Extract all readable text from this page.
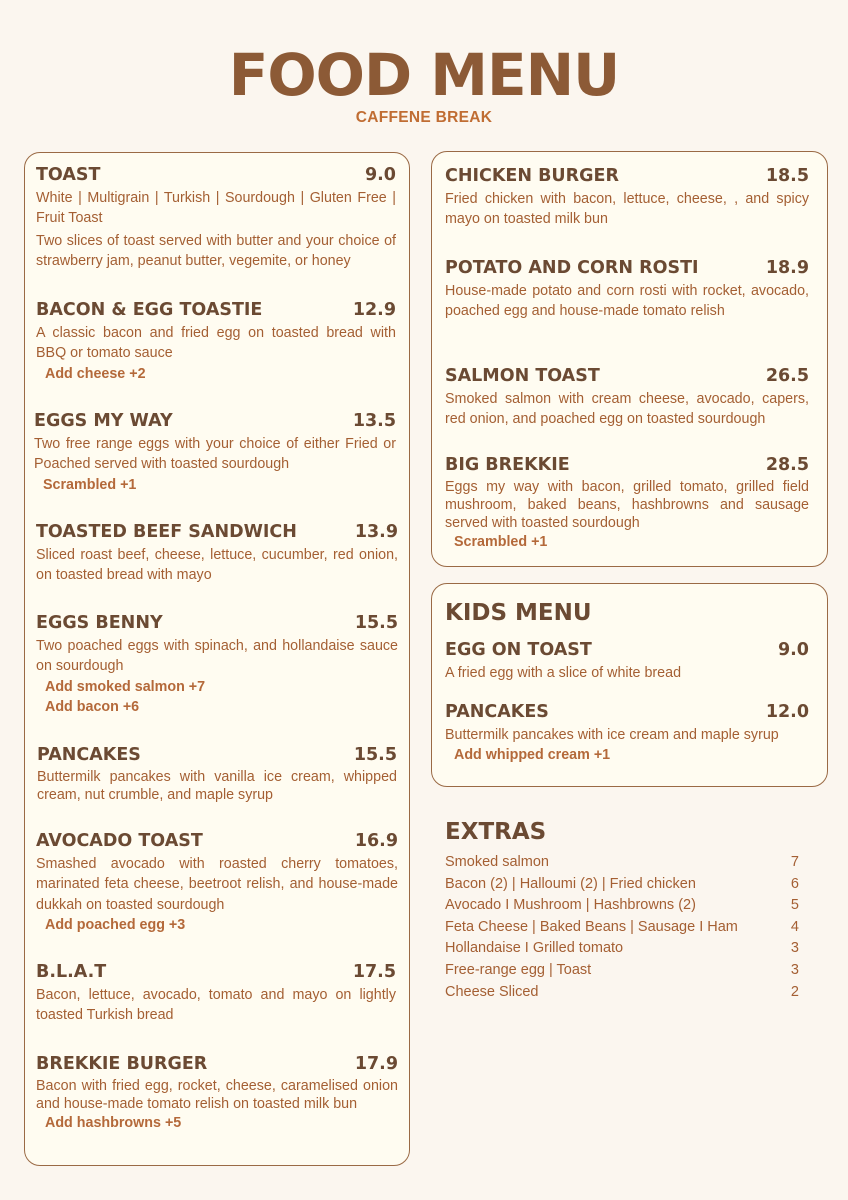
FOOD MENU
CAFFENE BREAK
KIDS MENU
EXTRAS
Smoked salmon	7
Bacon (2) | Halloumi (2) | Fried chicken	6
Avocado I Mushroom | Hashbrowns (2)	5
Feta Cheese | Baked Beans | Sausage I Ham	4
Hollandaise I Grilled tomato	3
Free-range egg | Toast	3
Cheese Sliced	2
TOAST	9.0
White | Multigrain | Turkish | Sourdough | Gluten Free | Fruit Toast
Two slices of toast served with butter and your choice of strawberry jam, peanut butter, vegemite, or honey
BACON & EGG TOASTIE	12.9
A classic bacon and fried egg on toasted bread with BBQ or tomato sauce
Add cheese +2
EGGS MY WAY	13.5
Two free range eggs with your choice of either Fried or Poached served with toasted sourdough
Scrambled +1
TOASTED BEEF SANDWICH	13.9
Sliced roast beef, cheese, lettuce, cucumber, red onion, on toasted bread with mayo
EGGS BENNY	15.5
Two poached eggs with spinach, and hollandaise sauce on sourdough
Add smoked salmon +7
Add bacon +6
PANCAKES	15.5
Buttermilk pancakes with vanilla ice cream, whipped cream, nut crumble, and maple syrup
AVOCADO TOAST	16.9
Smashed avocado with roasted cherry tomatoes, marinated feta cheese, beetroot relish, and house-made dukkah on toasted sourdough
Add poached egg +3
B.L.A.T	17.5
Bacon, lettuce, avocado, tomato and mayo on lightly toasted Turkish bread
BREKKIE BURGER	17.9
Bacon with fried egg, rocket, cheese, caramelised onion and house-made tomato relish on toasted milk bun
Add hashbrowns +5
CHICKEN BURGER	18.5
Fried chicken with bacon, lettuce, cheese, , and spicy mayo on toasted milk bun
POTATO AND CORN ROSTI	18.9
House-made potato and corn rosti with rocket, avocado, poached egg and house-made tomato relish
SALMON TOAST	26.5
Smoked salmon with cream cheese, avocado, capers, red onion, and poached egg on toasted sourdough
BIG BREKKIE	28.5
Eggs my way with bacon, grilled tomato, grilled field mushroom, baked beans, hashbrowns and sausage served with toasted sourdough
Scrambled +1
EGG ON TOAST	9.0
A fried egg with a slice of white bread
PANCAKES	12.0
Buttermilk pancakes with ice cream and maple syrup
Add whipped cream +1
